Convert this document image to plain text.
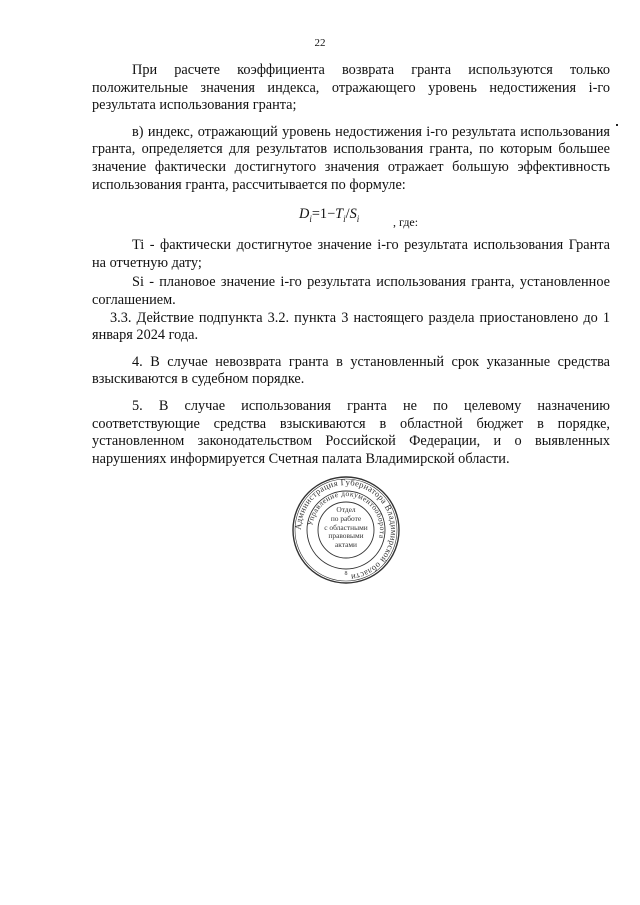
22

При расчете коэффициента возврата гранта используются только положительные значения индекса, отражающего уровень недостижения i-го результата использования гранта;

в) индекс, отражающий уровень недостижения i-го результата использования гранта, определяется для результатов использования гранта, по которым большее значение фактически достигнутого значения отражает большую эффективность использования гранта, рассчитывается по формуле:

$D_i=1-T_i/S_i$	, где:

Ti - фактически достигнутое значение i-го результата использования Гранта на отчетную дату;

Si - плановое значение i-го результата использования гранта, установленное соглашением.

3.3. Действие подпункта 3.2. пункта 3 настоящего раздела приостановлено до 1 января 2024 года.

4. В случае невозврата гранта в установленный срок указанные средства взыскиваются в судебном порядке.

5. В случае использования гранта не по целевому назначению соответствующие средства взыскиваются в областной бюджет в порядке, установленном законодательством Российской Федерации, и о выявленных нарушениях информируется Счетная палата Владимирской области.

Администрация Губернатора Владимирской области
Управление документооборота
8
Отдел
по работе
с областными
правовыми
актами
